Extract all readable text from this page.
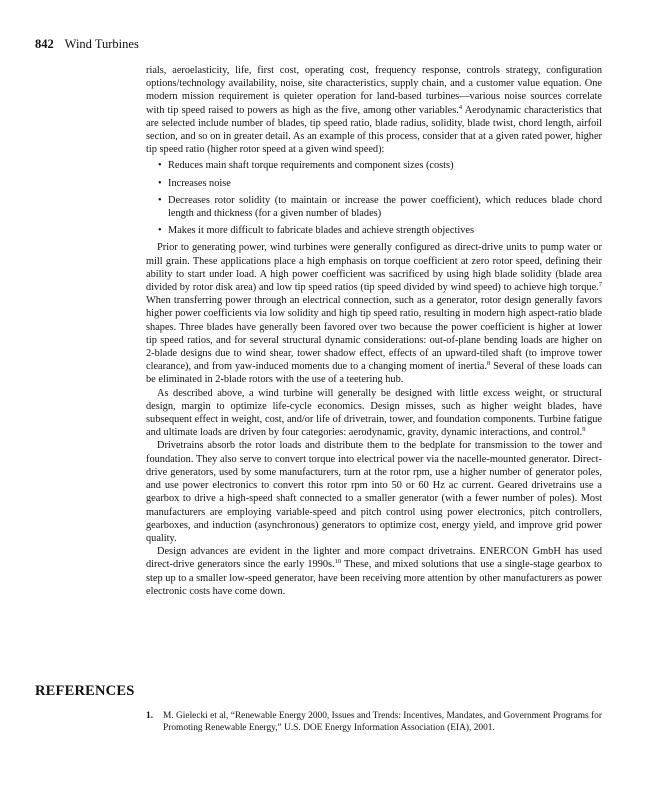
842 Wind Turbines

rials, aeroelasticity, life, first cost, operating cost, frequency response, controls strategy, configuration options/technology availability, noise, site characteristics, supply chain, and a customer value equation. One modern mission requirement is quieter operation for land-based turbines—various noise sources correlate with tip speed raised to powers as high as the five, among other variables.$^4$ Aerodynamic characteristics that are selected include number of blades, tip speed ratio, blade radius, solidity, blade twist, chord length, airfoil section, and so on in greater detail. As an example of this process, consider that at a given rated power, higher tip speed ratio (higher rotor speed at a given wind speed):

• Reduces main shaft torque requirements and component sizes (costs)
• Increases noise
• Decreases rotor solidity (to maintain or increase the power coefficient), which reduces blade chord length and thickness (for a given number of blades)
• Makes it more difficult to fabricate blades and achieve strength objectives

Prior to generating power, wind turbines were generally configured as direct-drive units to pump water or mill grain. These applications place a high emphasis on torque coefficient at zero rotor speed, defining their ability to start under load. A high power coefficient was sacrificed by using high blade solidity (blade area divided by rotor disk area) and low tip speed ratios (tip speed divided by wind speed) to achieve high torque.$^7$ When transferring power through an electrical connection, such as a generator, rotor design generally favors higher power coefficients via low solidity and high tip speed ratio, resulting in modern high aspect-ratio blade shapes. Three blades have generally been favored over two because the power coefficient is higher at lower tip speed ratios, and for several structural dynamic considerations: out-of-plane bending loads are higher on 2-blade designs due to wind shear, tower shadow effect, effects of an upward-tiled shaft (to improve tower clearance), and from yaw-induced moments due to a changing moment of inertia.$^8$ Several of these loads can be eliminated in 2-blade rotors with the use of a teetering hub.

As described above, a wind turbine will generally be designed with little excess weight, or structural design, margin to optimize life-cycle economics. Design misses, such as higher weight blades, have subsequent effect in weight, cost, and/or life of drivetrain, tower, and foundation components. Turbine fatigue and ultimate loads are driven by four categories: aerodynamic, gravity, dynamic interactions, and control.$^9$

Drivetrains absorb the rotor loads and distribute them to the bedplate for transmission to the tower and foundation. They also serve to convert torque into electrical power via the nacelle-mounted generator. Direct-drive generators, used by some manufacturers, turn at the rotor rpm, use a higher number of generator poles, and use power electronics to convert this rotor rpm into 50 or 60 Hz ac current. Geared drivetrains use a gearbox to drive a high-speed shaft connected to a smaller generator (with a fewer number of poles). Most manufacturers are employing variable-speed and pitch control using power electronics, pitch controllers, gearboxes, and induction (asynchronous) generators to optimize cost, energy yield, and improve grid power quality.

Design advances are evident in the lighter and more compact drivetrains. ENERCON GmbH has used direct-drive generators since the early 1990s.$^{10}$ These, and mixed solutions that use a single-stage gearbox to step up to a smaller low-speed generator, have been receiving more attention by other manufacturers as power electronic costs have come down.

REFERENCES
1. M. Gielecki et al, “Renewable Energy 2000, Issues and Trends: Incentives, Mandates, and Government Programs for Promoting Renewable Energy,” U.S. DOE Energy Information Association (EIA), 2001.
